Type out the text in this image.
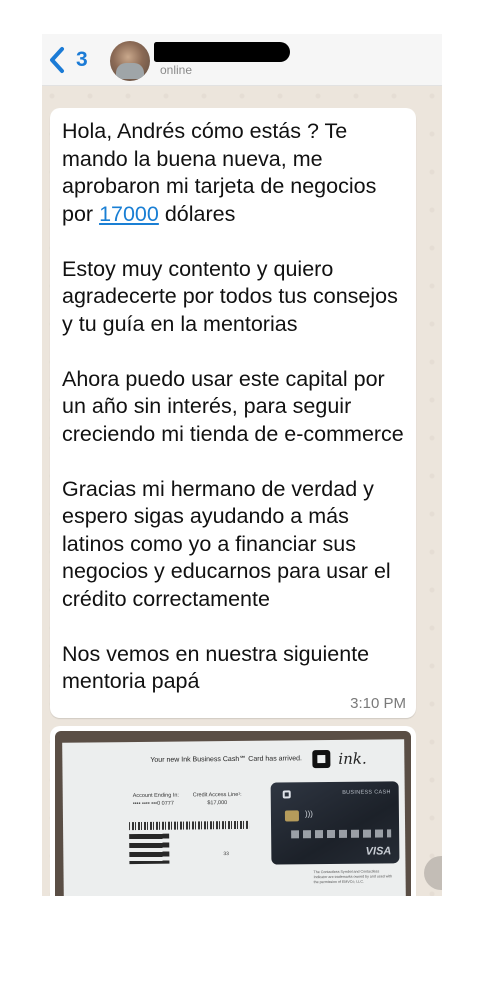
3	online

Hola, Andrés cómo estás ? Te mando la buena nueva, me aprobaron mi tarjeta de negocios por 17000 dólares

Estoy muy contento y quiero agradecerte por todos tus consejos y tu guía en la mentorias

Ahora puedo usar este capital por un año sin interés, para seguir creciendo mi tienda de e-commerce

Gracias mi hermano de verdad y espero sigas ayudando a más latinos como yo a financiar sus negocios y educarnos para usar el crédito correctamente

Nos vemos en nuestra siguiente mentoria papá

3:10 PM
Your new Ink Business Cash℠ Card has arrived. ink.
Account Ending In:
•••• •••• •••0 0777
Credit Access Line¹:
$17,000
33
BUSINESS CASH
)))
VISA
The Contactless Symbol and Contactless Indicator are trademarks owned by and used with the permission of EMVCo, LLC.
